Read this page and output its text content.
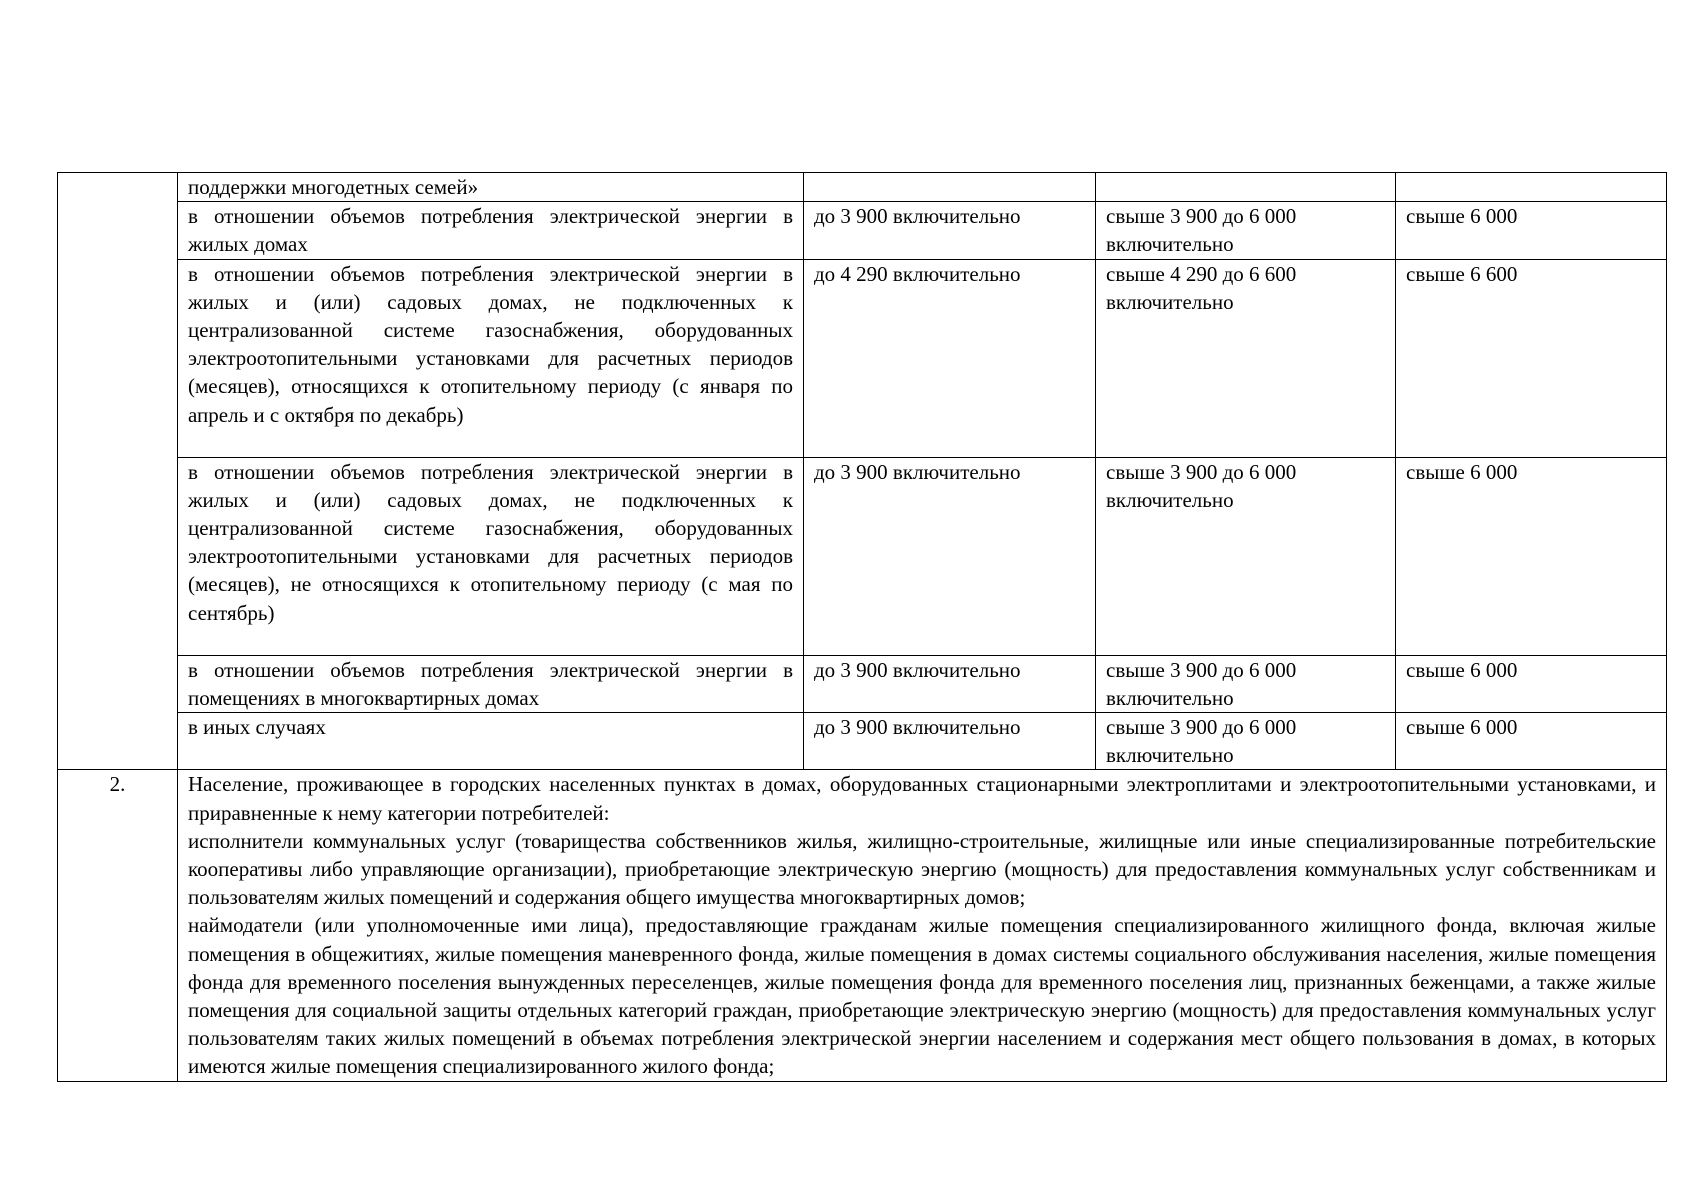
	поддержки многодетных семей»			
	в отношении объемов потребления электрической энергии в жилых домах	до 3 900 включительно	свыше 3 900 до 6 000 включительно	свыше 6 000
	в отношении объемов потребления электрической энергии в жилых и (или) садовых домах, не подключенных к централизованной системе газоснабжения, оборудованных электроотопительными установками для расчетных периодов (месяцев), относящихся к отопительному периоду (с января по апрель и с октября по декабрь)	до 4 290 включительно	свыше 4 290 до 6 600 включительно	свыше 6 600
	в отношении объемов потребления электрической энергии в жилых и (или) садовых домах, не подключенных к централизованной системе газоснабжения, оборудованных электроотопительными установками для расчетных периодов (месяцев), не относящихся к отопительному периоду (с мая по сентябрь)	до 3 900 включительно	свыше 3 900 до 6 000 включительно	свыше 6 000
	в отношении объемов потребления электрической энергии в помещениях в многоквартирных домах	до 3 900 включительно	свыше 3 900 до 6 000 включительно	свыше 6 000
	в иных случаях	до 3 900 включительно	свыше 3 900 до 6 000 включительно	свыше 6 000
2.	Население, проживающее в городских населенных пунктах в домах, оборудованных стационарными электроплитами и электроотопительными установками, и приравненные к нему категории потребителей:

исполнители коммунальных услуг (товарищества собственников жилья, жилищно-строительные, жилищные или иные специализированные потребительские кооперативы либо управляющие организации), приобретающие электрическую энергию (мощность) для предоставления коммунальных услуг собственникам и пользователям жилых помещений и содержания общего имущества многоквартирных домов;

наймодатели (или уполномоченные ими лица), предоставляющие гражданам жилые помещения специализированного жилищного фонда, включая жилые помещения в общежитиях, жилые помещения маневренного фонда, жилые помещения в домах системы социального обслуживания населения, жилые помещения фонда для временного поселения вынужденных переселенцев, жилые помещения фонда для временного поселения лиц, признанных беженцами, а также жилые помещения для социальной защиты отдельных категорий граждан, приобретающие электрическую энергию (мощность) для предоставления коммунальных услуг пользователям таких жилых помещений в объемах потребления электрической энергии населением и содержания мест общего пользования в домах, в которых имеются жилые помещения специализированного жилого фонда;			
